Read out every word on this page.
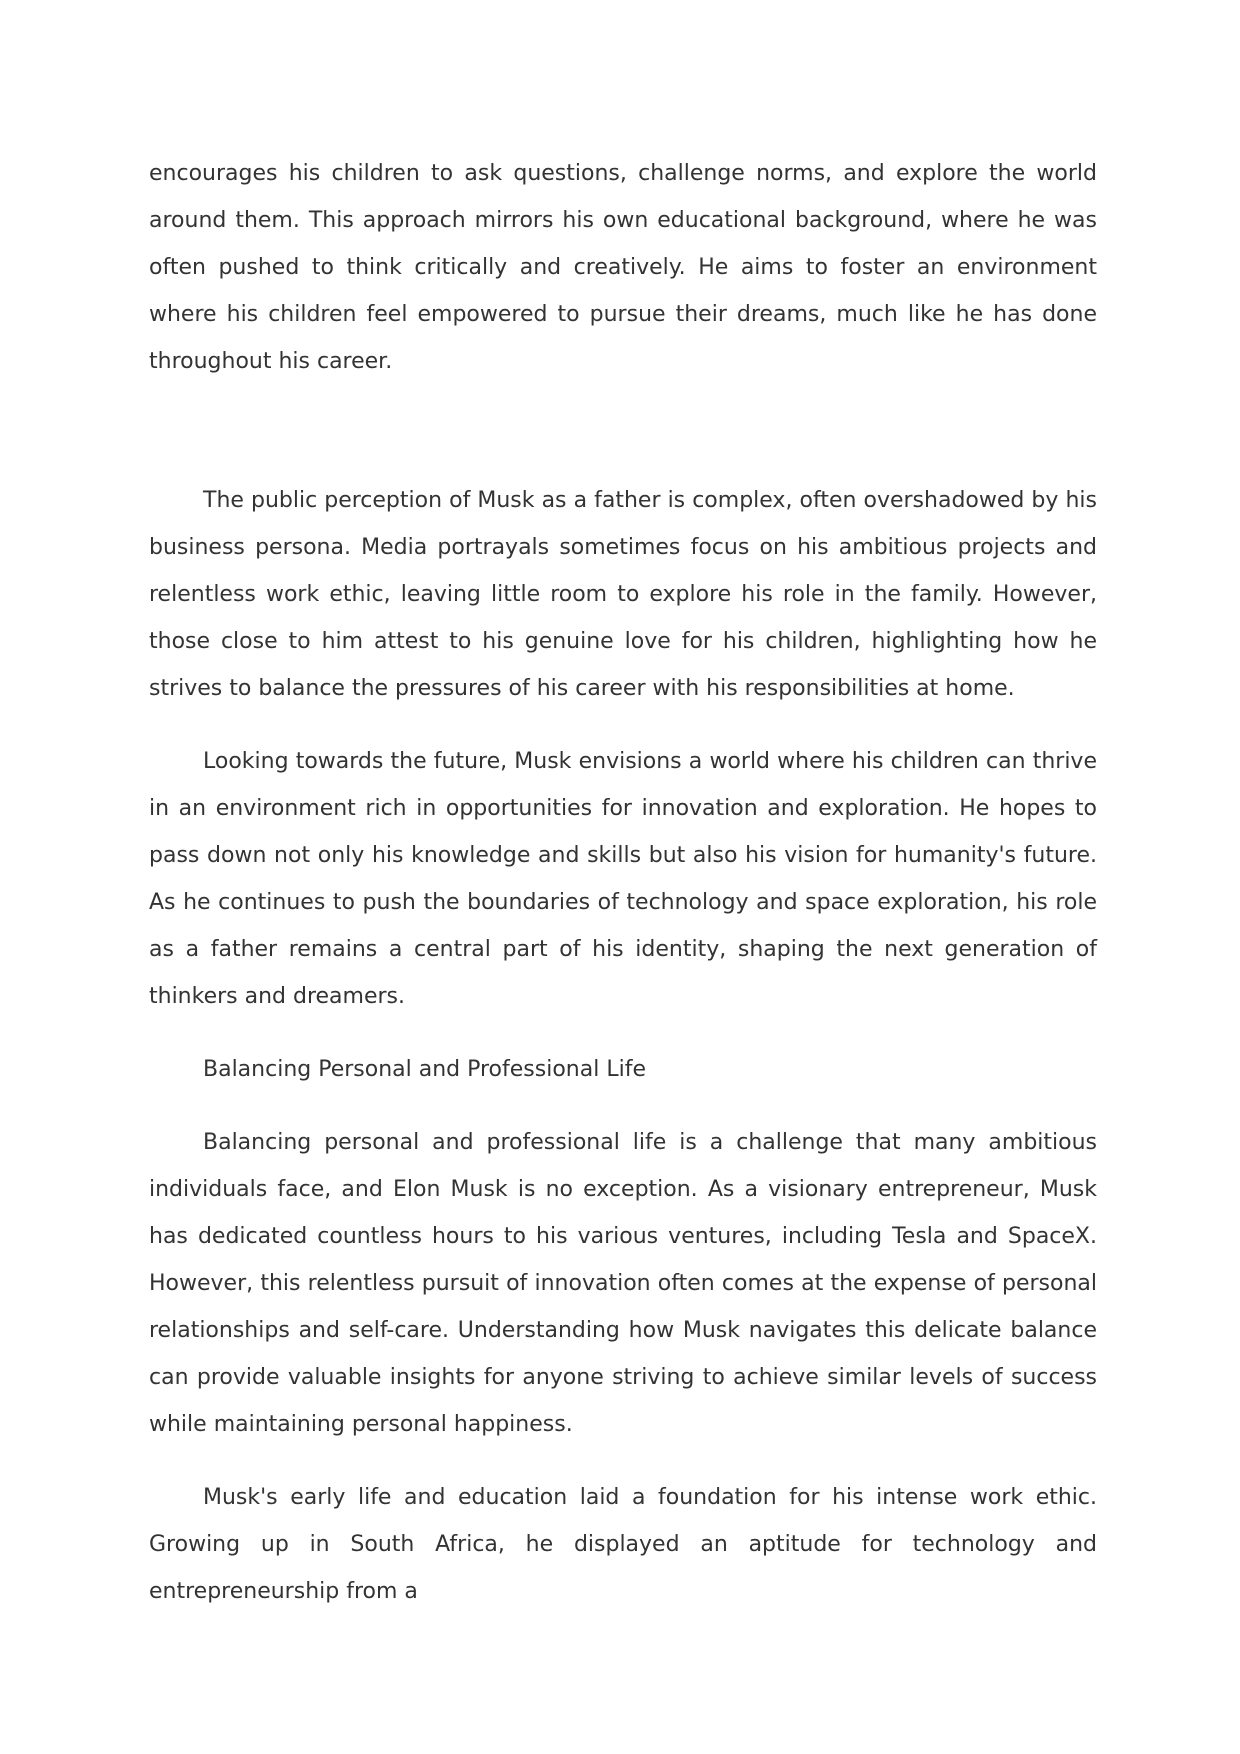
encourages his children to ask questions, challenge norms, and explore the world around them. This approach mirrors his own educational background, where he was often pushed to think critically and creatively. He aims to foster an environment where his children feel empowered to pursue their dreams, much like he has done throughout his career.

The public perception of Musk as a father is complex, often overshadowed by his business persona. Media portrayals sometimes focus on his ambitious projects and relentless work ethic, leaving little room to explore his role in the family. However, those close to him attest to his genuine love for his children, highlighting how he strives to balance the pressures of his career with his responsibilities at home.

Looking towards the future, Musk envisions a world where his children can thrive in an environment rich in opportunities for innovation and exploration. He hopes to pass down not only his knowledge and skills but also his vision for humanity's future. As he continues to push the boundaries of technology and space exploration, his role as a father remains a central part of his identity, shaping the next generation of thinkers and dreamers.

Balancing Personal and Professional Life

Balancing personal and professional life is a challenge that many ambitious individuals face, and Elon Musk is no exception. As a visionary entrepreneur, Musk has dedicated countless hours to his various ventures, including Tesla and SpaceX. However, this relentless pursuit of innovation often comes at the expense of personal relationships and self-care. Understanding how Musk navigates this delicate balance can provide valuable insights for anyone striving to achieve similar levels of success while maintaining personal happiness.

Musk's early life and education laid a foundation for his intense work ethic. Growing up in South Africa, he displayed an aptitude for technology and entrepreneurship from a
